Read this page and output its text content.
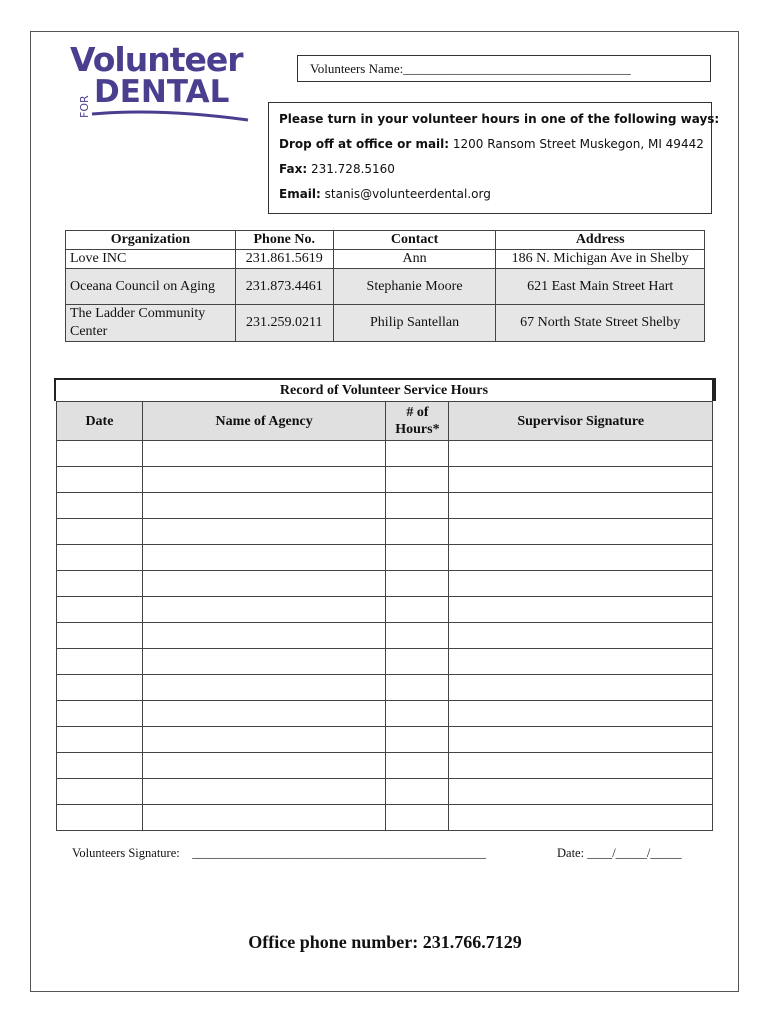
Volunteer
FOR DENTAL
Volunteers Name:___________________________________
Please turn in your volunteer hours in one of the following ways:
Drop off at office or mail: 1200 Ransom Street Muskegon, MI 49442
Fax: 231.728.5160
Email: stanis@volunteerdental.org
Organization	Phone No.	Contact	Address
Love INC	231.861.5619	Ann	186 N. Michigan Ave in Shelby
Oceana Council on Aging	231.873.4461	Stephanie Moore	621 East Main Street Hart
The Ladder Community Center	231.259.0211	Philip Santellan	67 North State Street Shelby
Record of Volunteer Service Hours
Date	Name of Agency	# of Hours*	Supervisor Signature

Volunteers Signature: _______________________________________________	Date: ____/_____/_____
Office phone number: 231.766.7129
